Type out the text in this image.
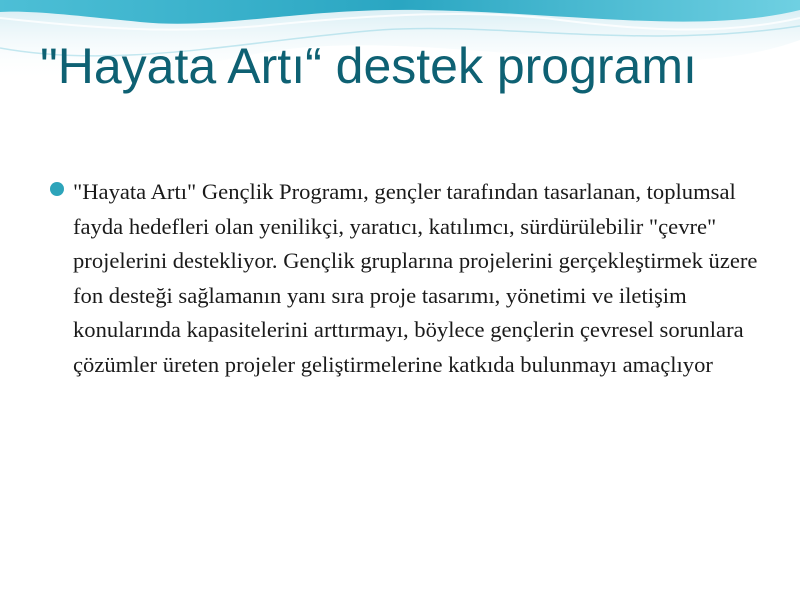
"Hayata Artı“ destek programı

"Hayata Artı" Gençlik Programı, gençler tarafından tasarlanan, toplumsal fayda hedefleri olan yenilikçi, yaratıcı, katılımcı, sürdürülebilir "çevre" projelerini destekliyor. Gençlik gruplarına projelerini gerçekleştirmek üzere fon desteği sağlamanın yanı sıra proje tasarımı, yönetimi ve iletişim konularında kapasitelerini arttırmayı, böylece gençlerin çevresel sorunlara çözümler üreten projeler geliştirmelerine katkıda bulunmayı amaçlıyor
